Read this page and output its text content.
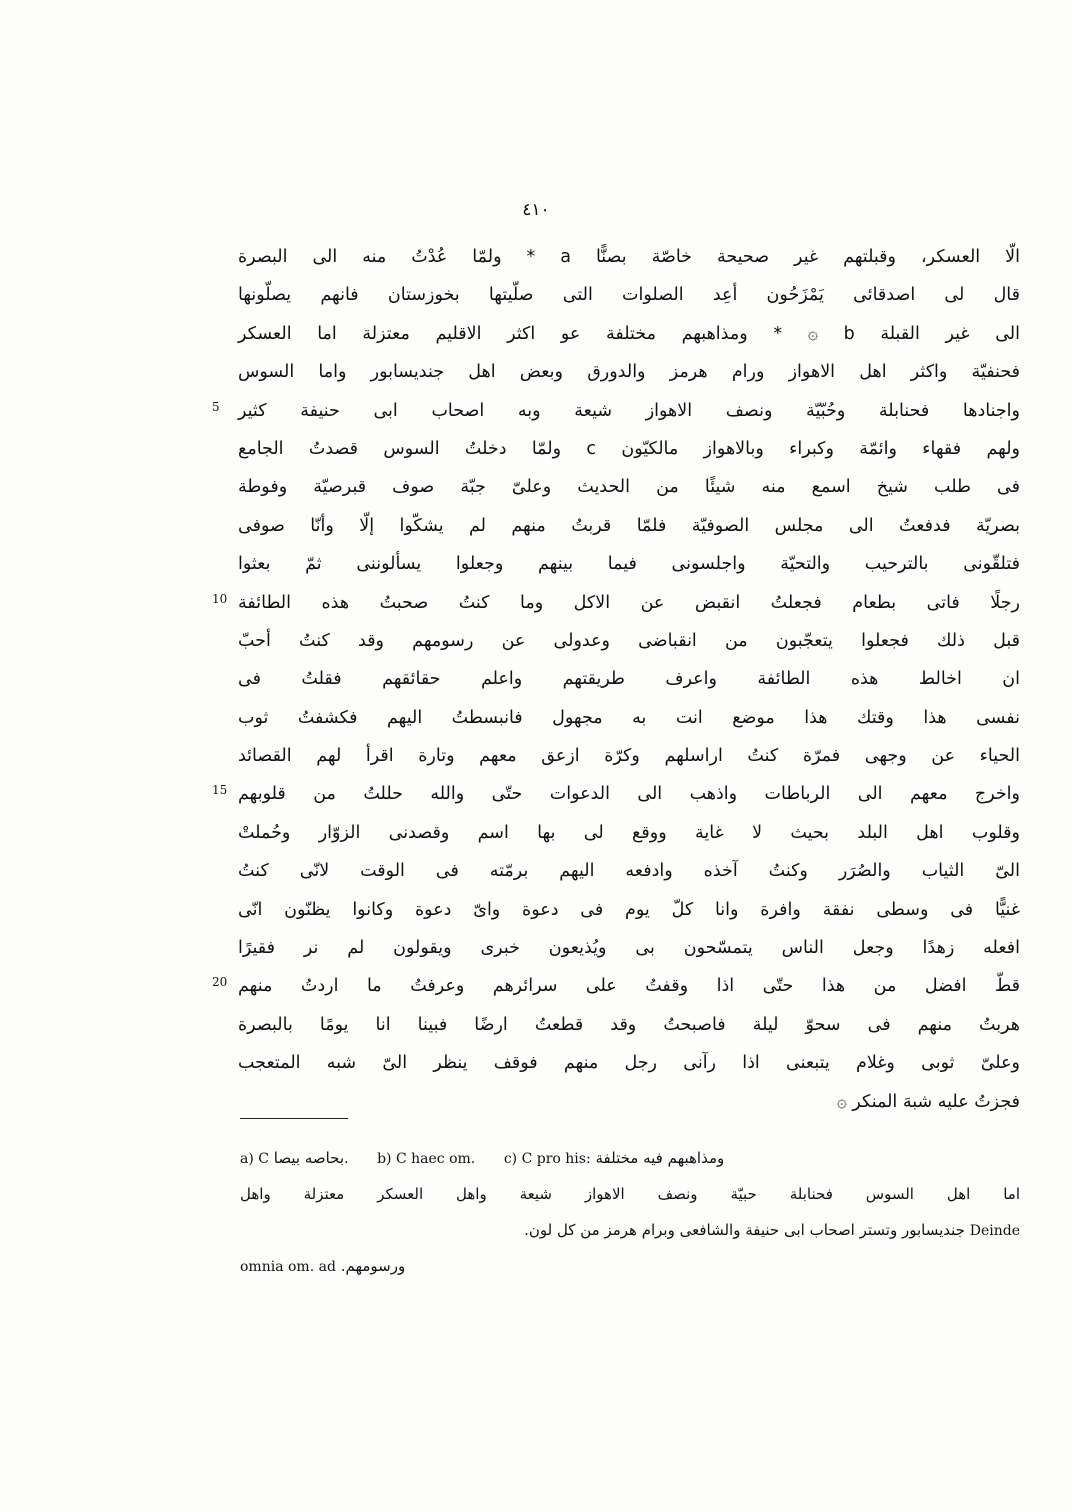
٤١٠
الّا العسكر، وقبلتهم غير صحيحة خاصّة بصنًّا a * ولمّا عُدْتُ منه الى البصرة
قال لى اصدقائى يَمْزَحُون أعِد الصلوات التى صلّيتها بخوزستان فانهم يصلّونها
الى غير القبلة b ۞ * ومذاهبهم مختلفة عو اكثر الاقليم معتزلة اما العسكر
فحنفيّة واكثر اهل الاهواز ورام هرمز والدورق وبعض اهل جنديسابور واما السوس
5 واجنادها فحنابلة وحُبّيّة ونصف الاهواز شيعة وبه اصحاب ابى حنيفة كثير
ولهم فقهاء وائمّة وكبراء وبالاهواز مالكيّون c ولمّا دخلتُ السوس قصدتُ الجامع
فى طلب شيخ اسمع منه شيئًا من الحديث وعلىّ جبّة صوف قبرصيّة وفوطة
بصريّة فدفعتُ الى مجلس الصوفيّة فلمّا قربتُ منهم لم يشكّوا إلّا وأنّا صوفى
فتلقّونى بالترحيب والتحيّة واجلسونى فيما بينهم وجعلوا يسألوننى ثمّ بعثوا
10 رجلًا فاتى بطعام فجعلتُ انقبض عن الاكل وما كنتُ صحبتُ هذه الطائفة
قبل ذلك فجعلوا يتعجّبون من انقباضى وعدولى عن رسومهم وقد كنتُ أحبّ
ان اخالط هذه الطائفة واعرف طريقتهم واعلم حقائقهم فقلتُ فى
نفسى هذا وقتك هذا موضع انت به مجهول فانبسطتُ اليهم فكشفتُ ثوب
الحياء عن وجهى فمرّة كنتُ اراسلهم وكرّة ازعق معهم وتارة اقرأ لهم القصائد
15 واخرج معهم الى الرباطات واذهب الى الدعوات حتّى والله حللتُ من قلوبهم
وقلوب اهل البلد بحيث لا غاية ووقع لى بها اسم وقصدنى الزوّار وحُملتْ
الىّ الثياب والصُرَر وكنتُ آخذه وادفعه اليهم برمّته فى الوقت لانّى كنتُ
غنيًّا فى وسطى نفقة وافرة وانا كلّ يوم فى دعوة واىّ دعوة وكانوا يظنّون انّى
افعله زهدًا وجعل الناس يتمسّحون بى ويُذيعون خبرى ويقولون لم نر فقيرًا
20 قطّ افضل من هذا حتّى اذا وقفتُ على سرائرهم وعرفتُ ما اردتُ منهم
هربتُ منهم فى سحوّ ليلة فاصبحتُ وقد قطعتُ ارضًا فبينا انا يومًا بالبصرة
وعلىّ ثوبى وغلام يتبعنى اذا رآنى رجل منهم فوقف ينظر الىّ شبه المتعجب
فجزتُ عليه شبهَ المنكر ۞
a) C بحاصه بيصا. b) C haec om. c) C pro his: ومذاهبهم فيه مختلفة
اما اهل السوس فحنابلة حبيّة ونصف الاهواز شيعة واهل العسكر معتزلة واهل
جنديسابور وتستر اصحاب ابى حنيفة والشافعى وبرام هرمز من كل لون. Deinde
omnia om. ad ورسومهم.
